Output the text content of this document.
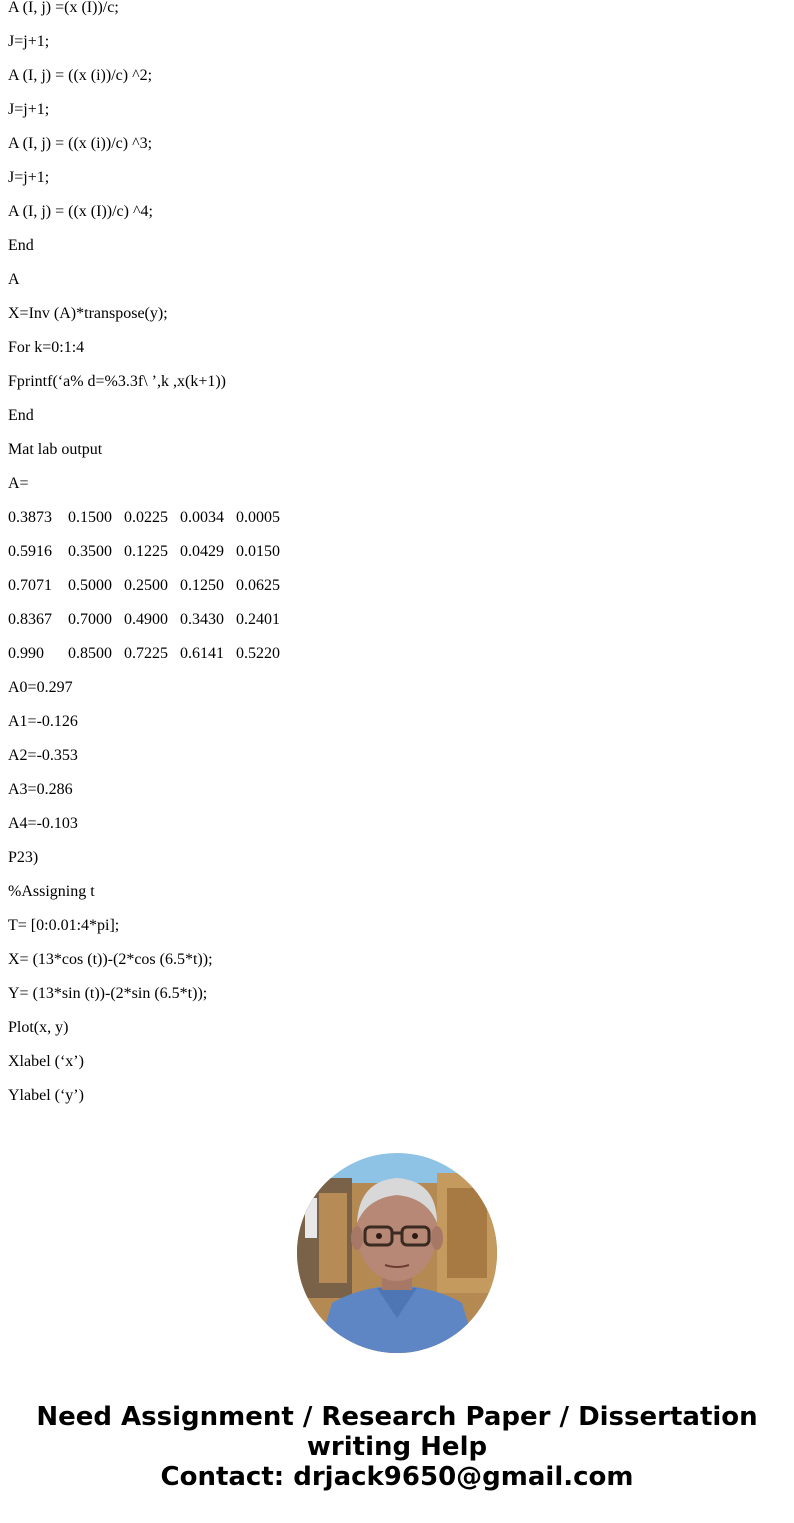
A (I, j) =(x (I))/c;
J=j+1;
A (I, j) = ((x (i))/c) ^2;
J=j+1;
A (I, j) = ((x (i))/c) ^3;
J=j+1;
A (I, j) = ((x (I))/c) ^4;
End
A
X=Inv (A)*transpose(y);
For k=0:1:4
Fprintf(‘a% d=%3.3f\ ’,k ,x(k+1))
End
Mat lab output
A=
0.3873	0.1500 0.0225 0.0034 0.0005
0.5916	0.3500 0.1225 0.0429 0.0150
0.7071	0.5000 0.2500 0.1250 0.0625
0.8367	0.7000 0.4900 0.3430 0.2401
0.990	0.8500 0.7225 0.6141 0.5220
A0=0.297
A1=-0.126
A2=-0.353
A3=0.286
A4=-0.103
P23)
%Assigning t
T= [0:0.01:4*pi];
X= (13*cos (t))-(2*cos (6.5*t));
Y= (13*sin (t))-(2*sin (6.5*t));
Plot(x, y)
Xlabel (‘x’)
Ylabel (‘y’)
Need Assignment / Research Paper / Dissertation
writing Help
Contact: drjack9650@gmail.com
